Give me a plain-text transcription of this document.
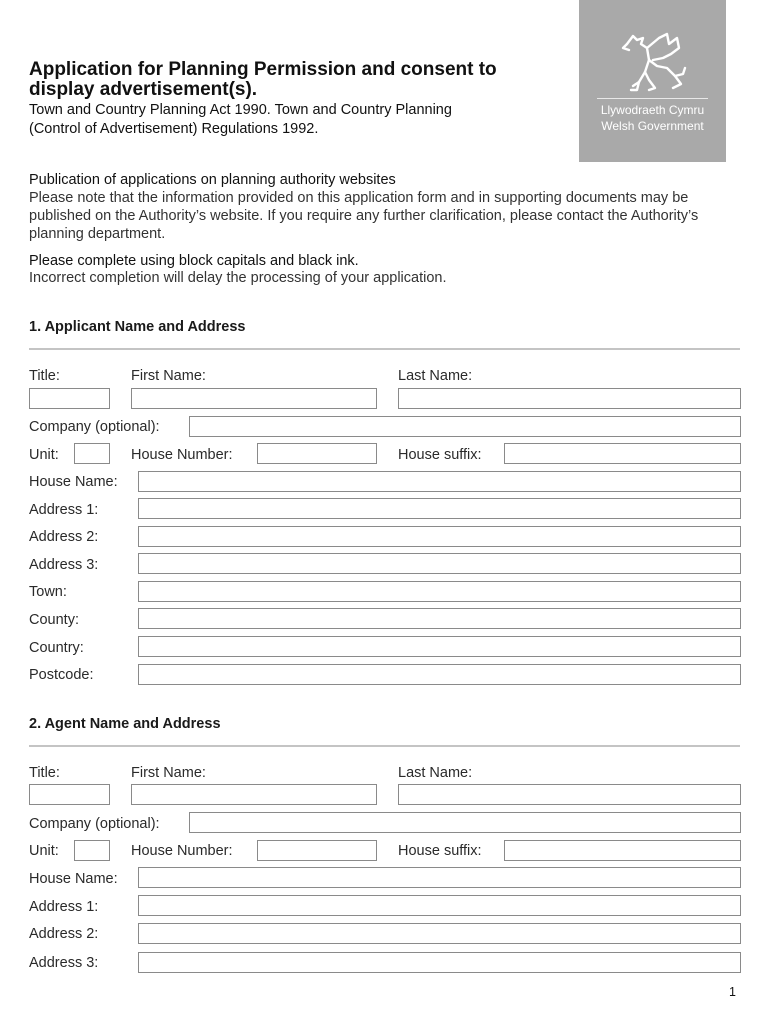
Application for Planning Permission and consent to display advertisement(s).
Town and Country Planning Act 1990. Town and Country Planning (Control of Advertisement) Regulations 1992.
Llywodraeth Cymru
Welsh Government
Publication of applications on planning authority websites
Please note that the information provided on this application form and in supporting documents may be published on the Authority’s website. If you require any further clarification, please contact the Authority’s planning department.
Please complete using block capitals and black ink.
Incorrect completion will delay the processing of your application.
1. Applicant Name and Address
Title:	First Name:	Last Name:
Company (optional):
Unit:	House Number:	House suffix:
House Name:
Address 1:
Address 2:
Address 3:
Town:
County:
Country:
Postcode:
2. Agent Name and Address
Title:	First Name:	Last Name:
Company (optional):
Unit:	House Number:	House suffix:
House Name:
Address 1:
Address 2:
Address 3:
1
